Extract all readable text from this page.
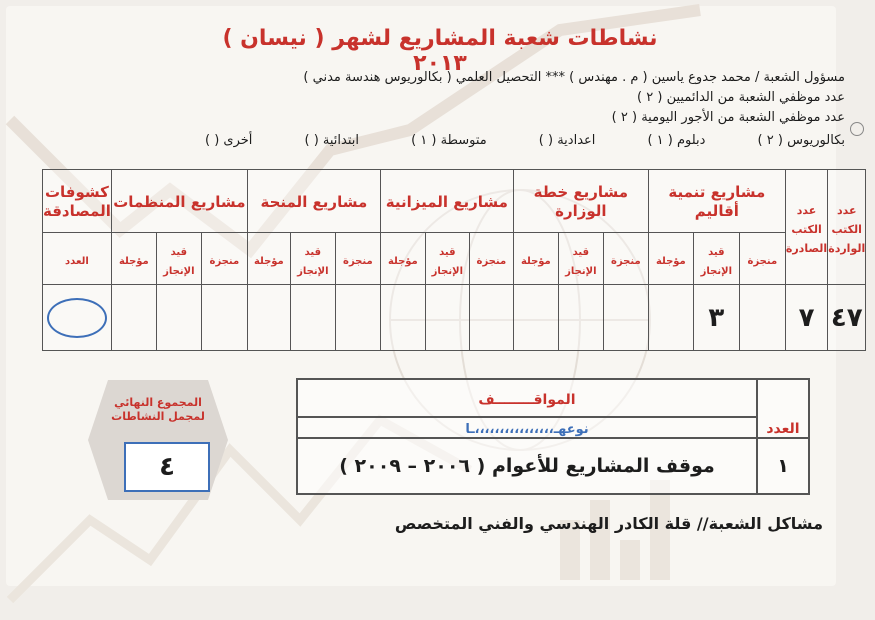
نشاطات شعبة المشاريع لشهر ( نيسان ) ٢٠١٣
مسؤول الشعبة / محمد جدوع ياسين ( م . مهندس ) *** التحصيل العلمي ( بكالوريوس هندسة مدني )
عدد موظفي الشعبة من الدائميين ( ٢ )
عدد موظفي الشعبة من الأجور اليومية ( ٢ )
بكالوريوس ( ٢ )
دبلوم ( ١ )
اعدادية ( )
متوسطة ( ١ )
ابتدائية ( )
أخرى ( )
عدد الكتب الواردة	عدد الكتب الصادرة	مشاريع تنمية أقاليم			مشاريع خطة الوزارة			مشاريع الميزانية			مشاريع المنحة			مشاريع المنظمات			كشوفات المصادقة
		منجزة	قيد الإنجاز	مؤجلة	منجزة	قيد الإنجاز	مؤجلة	منجزة	قيد الإنجاز	مؤجلة	منجزة	قيد الإنجاز	مؤجلة	منجزة	قيد الإنجاز	مؤجلة	العدد
٤٧	٧		٣														
العدد	المواقــــــــف
	نوعهـ،،،،،،،،،،،،،،،،ـا
١	موقف المشاريع للأعوام ( ٢٠٠٦ – ٢٠٠٩ )
المجموع النهائي لمجمل النشاطات
٤
مشاكل الشعبة// قلة الكادر الهندسي والفني المتخصص
